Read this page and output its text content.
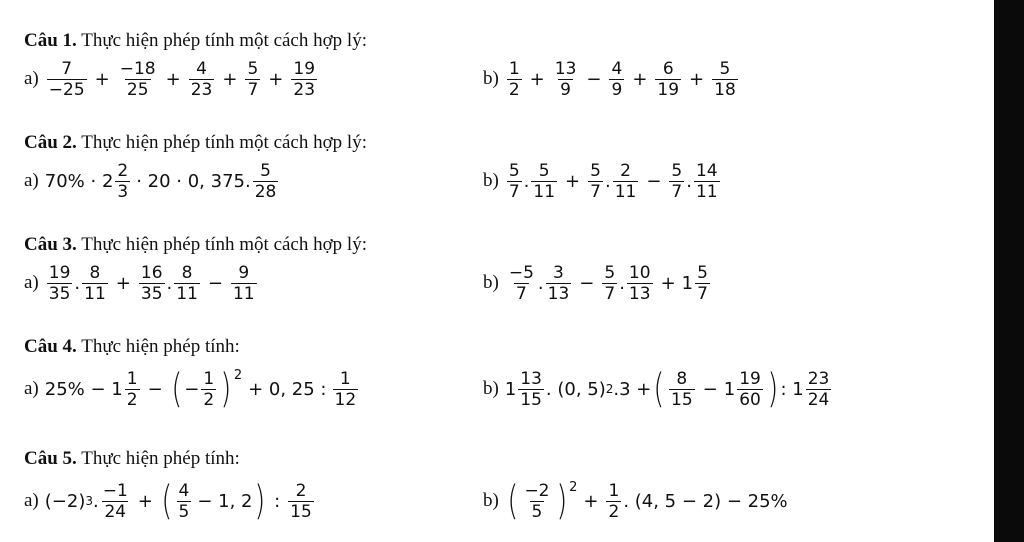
Câu 1. Thực hiện phép tính một cách hợp lý:
$a) \frac{7}{-25} + \frac{-18}{25} + \frac{4}{23} + \frac{5}{7} + \frac{19}{23}$	$b) \frac{1}{2} + \frac{13}{9} - \frac{4}{9} + \frac{6}{19} + \frac{5}{18}$
Câu 2. Thực hiện phép tính một cách hợp lý:
a) $70\% \cdot 2 \frac{2}{3} \cdot 20 \cdot 0$, 375. $\frac{5}{28}$	$b) \frac{5}{7}$ . $\frac{5}{11} + \frac{5}{7}$ . $\frac{2}{11} - \frac{5}{7}$ . $\frac{14}{11}$
Câu 3. Thực hiện phép tính một cách hợp lý:
$a) \frac{19}{35}$ . $\frac{8}{11} + \frac{16}{35}$ . $\frac{8}{11} - \frac{9}{11}$	$b) \frac{-5}{7}$ . $\frac{3}{13} - \frac{5}{7}$ . $\frac{10}{13} + 1 \frac{5}{7}$
Câu 4. Thực hiện phép tính:
a) $25\% - 1 \frac{1}{2}$ − ( − $\frac{1}{2} )^2$
+ 0, 25 : $\frac{1}{12}$	b) $1 \frac{13}{15}$ . (0, 5) 2 .3 + ( $\frac{8}{15} - 1 \frac{19}{60}$ ) : $1 \frac{23}{24}$
Câu 5. Thực hiện phép tính:
a) (−2) 3 . $\frac{-1}{24}$ + ( $\frac{4}{5} - 1$, 2 ) : $\frac{2}{15}$	b) ( $\frac{-2}{5} )^2$
+ $\frac{1}{2}$ . (4, 5 − 2) − 25%
